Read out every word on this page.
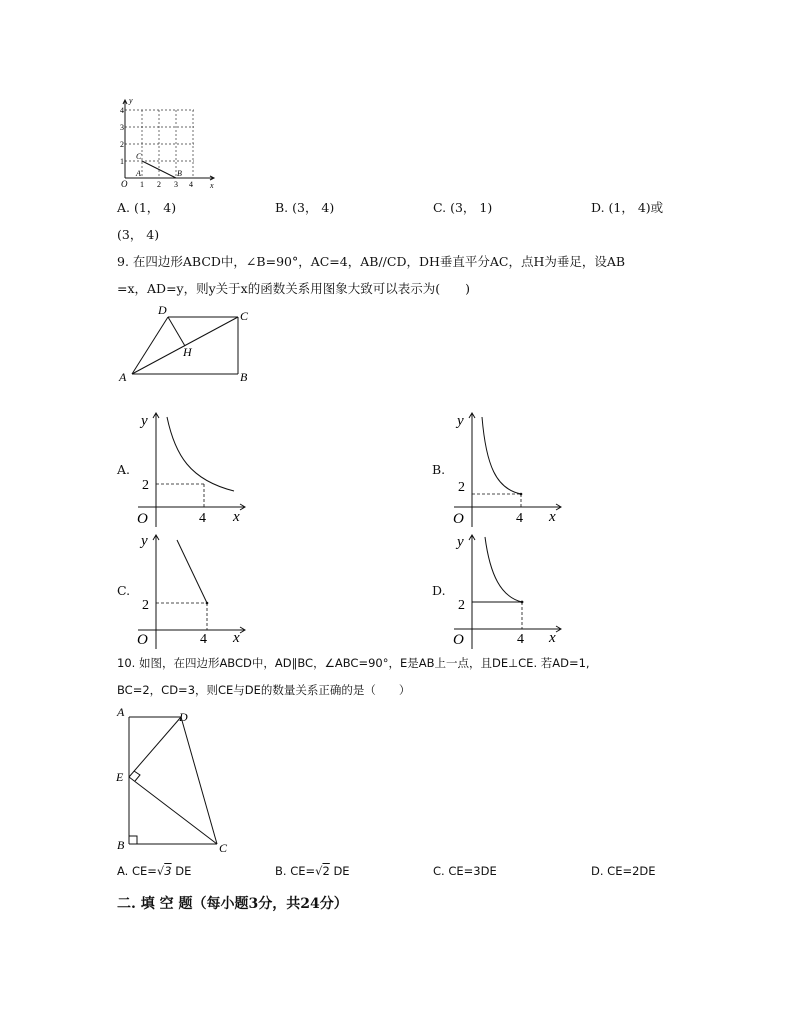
y
x
O
4
3
2
1
1 2 3 4
C
A	B
A. (1， 4)	B. (3， 4)	C. (3， 1)	D. (1， 4)或
(3， 4)
9. 在四边形ABCD中，∠B=90°，AC=4，AB//CD，DH垂直平分AC，点H为垂足，设AB
=x，AD=y，则y关于x的函数关系用图象大致可以表示为(　　)
D	C
H
A	B
A.	B.
C.	D.
y
x
O
2
4
y
x
O
2
4
y
x
O
2
4
y
x
O
2
4
10. 如图，在四边形ABCD中，AD∥BC，∠ABC=90°，E是AB上一点，且DE⊥CE. 若AD=1,
BC=2，CD=3，则CE与DE的数量关系正确的是（　　）
A	D
E
B	C
A. CE=√3 DE	B. CE=√2 DE	C. CE=3DE	D. CE=2DE
二. 填 空 题（每小题3分，共24分）
